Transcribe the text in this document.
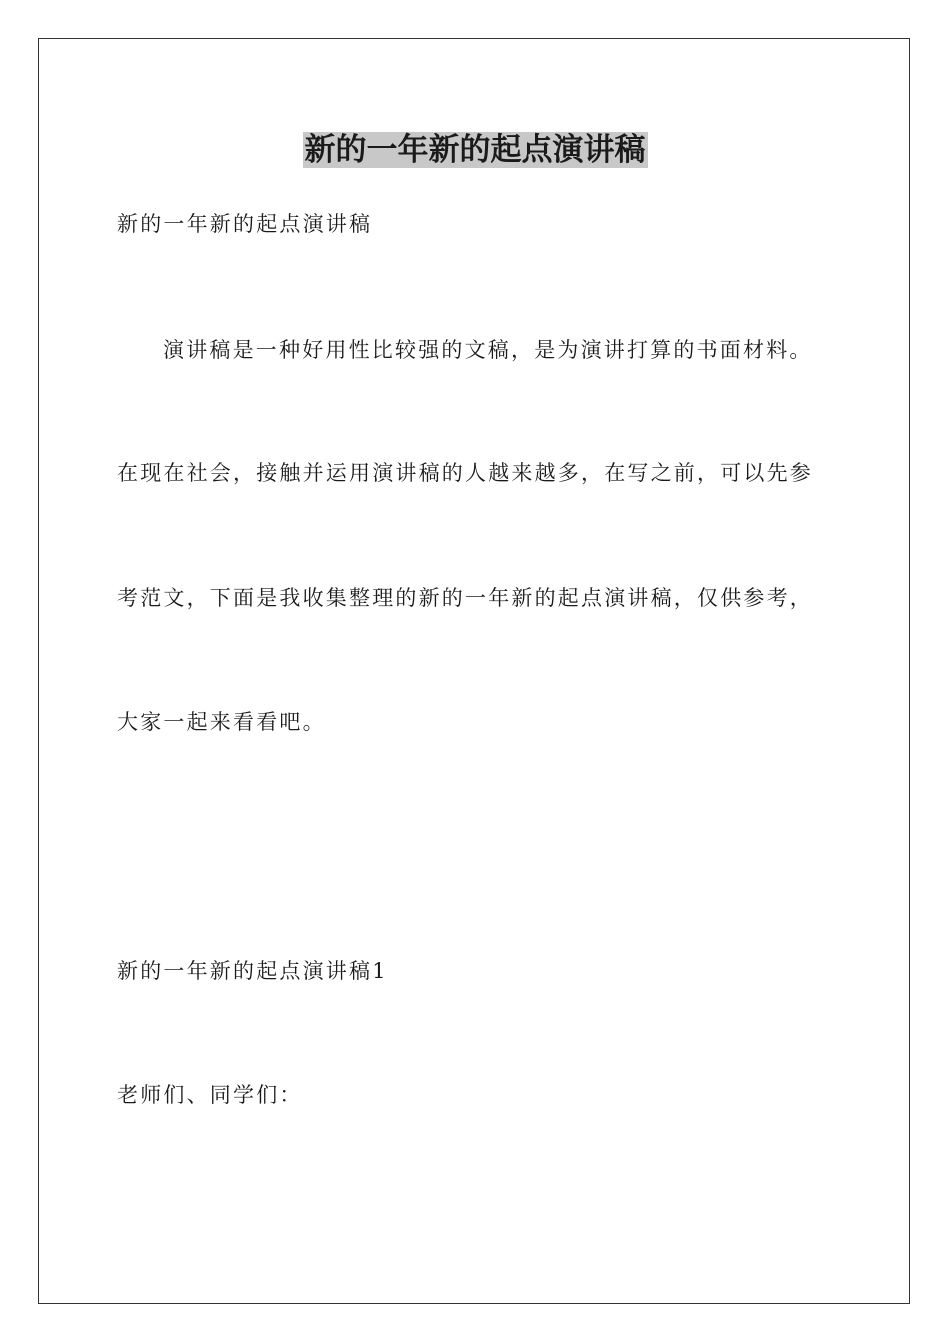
新的一年新的起点演讲稿
新的一年新的起点演讲稿
演讲稿是一种好用性比较强的文稿，是为演讲打算的书面材料。
在现在社会，接触并运用演讲稿的人越来越多，在写之前，可以先参
考范文，下面是我收集整理的新的一年新的起点演讲稿，仅供参考，
大家一起来看看吧。
新的一年新的起点演讲稿1
老师们、同学们：
